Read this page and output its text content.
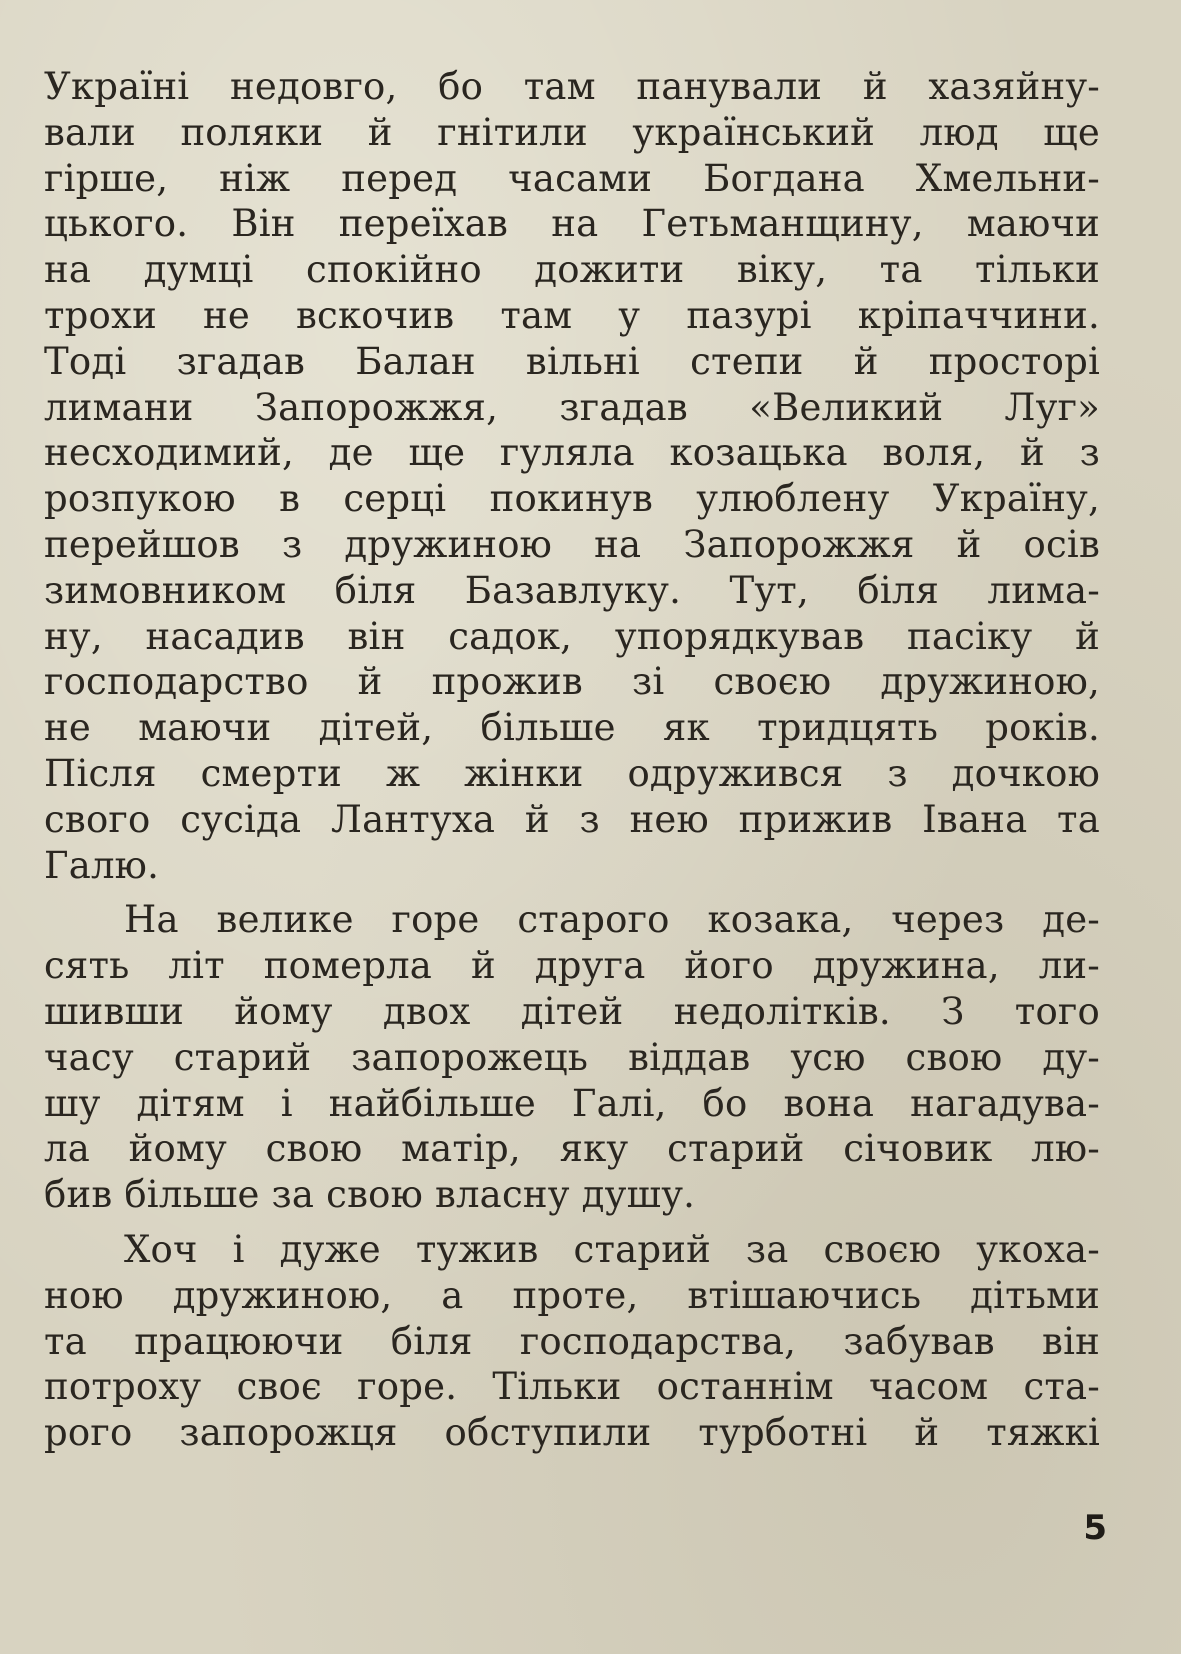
Україні недовго, бо там панували й хазяйну-
вали поляки й гнітили український люд ще
гірше, ніж перед часами Богдана Хмельни-
цького. Він переїхав на Гетьманщину, маючи
на думці спокійно дожити віку, та тільки
трохи не вскочив там у пазурі кріпаччини.
Тоді згадав Балан вільні степи й просторі
лимани Запорожжя, згадав «Великий Луг»
несходимий, де ще гуляла козацька воля, й з
розпукою в серці покинув улюблену Україну,
перейшов з дружиною на Запорожжя й осів
зимовником біля Базавлуку. Тут, біля лима-
ну, насадив він садок, упорядкував пасіку й
господарство й прожив зі своєю дружиною,
не маючи дітей, більше як тридцять років.
Після смерти ж жінки одружився з дочкою
свого сусіда Лантуха й з нею прижив Івана та
Галю.
На велике горе старого козака, через де-
сять літ померла й друга його дружина, ли-
шивши йому двох дітей недолітків. З того
часу старий запорожець віддав усю свою ду-
шу дітям і найбільше Галі, бо вона нагадува-
ла йому свою матір, яку старий січовик лю-
бив більше за свою власну душу.
Хоч і дуже тужив старий за своєю укоха-
ною дружиною, а проте, втішаючись дітьми
та працюючи біля господарства, забував він
потроху своє горе. Тільки останнім часом ста-
рого запорожця обступили турботні й тяжкі
5
